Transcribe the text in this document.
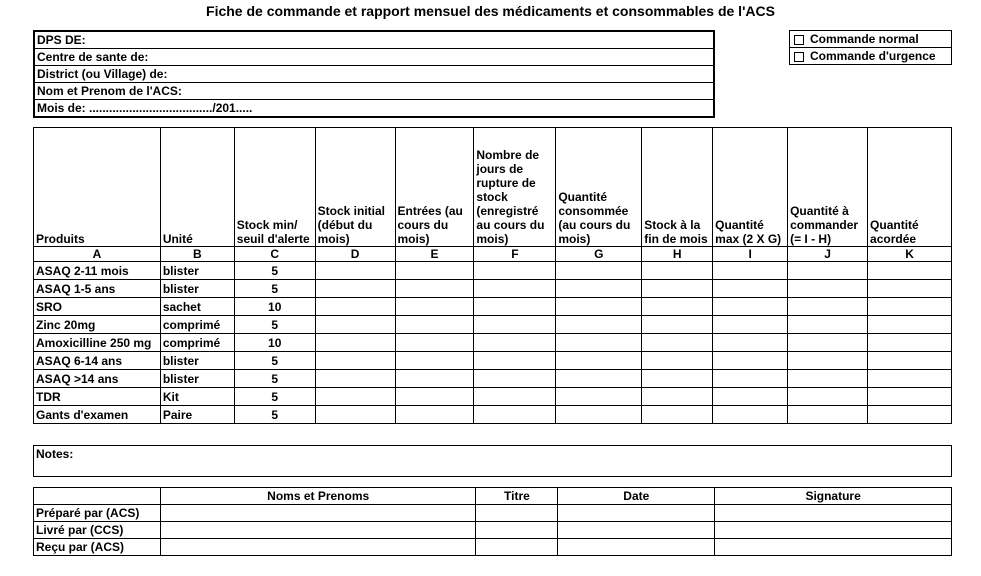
Fiche de commande et rapport mensuel des médicaments et consommables de l'ACS
DPS DE:
Centre de sante de:
District (ou Village) de:
Nom et Prenom de l'ACS:
Mois de: ...................................../201.....
Commande normal
Commande d'urgence
Produits	Unité	Stock min/ seuil d'alerte	Stock initial (début du mois)	Entrées (au cours du mois)	Nombre de jours de rupture de stock (enregistré au cours du mois)	Quantité consommée (au cours du mois)	Stock à la fin de mois	Quantité max (2 X G)	Quantité à commander (= I - H)	Quantité acordée
A	B	C	D	E	F	G	H	I	J	K
ASAQ 2-11 mois	blister	5								
ASAQ 1-5 ans	blister	5								
SRO	sachet	10								
Zinc 20mg	comprimé	5								
Amoxicilline 250 mg	comprimé	10								
ASAQ 6-14 ans	blister	5								
ASAQ >14 ans	blister	5								
TDR	Kit	5								
Gants d'examen	Paire	5								
Notes:
	Noms et Prenoms	Titre	Date	Signature
Préparé par (ACS)				
Livré par (CCS)				
Reçu par (ACS)				
